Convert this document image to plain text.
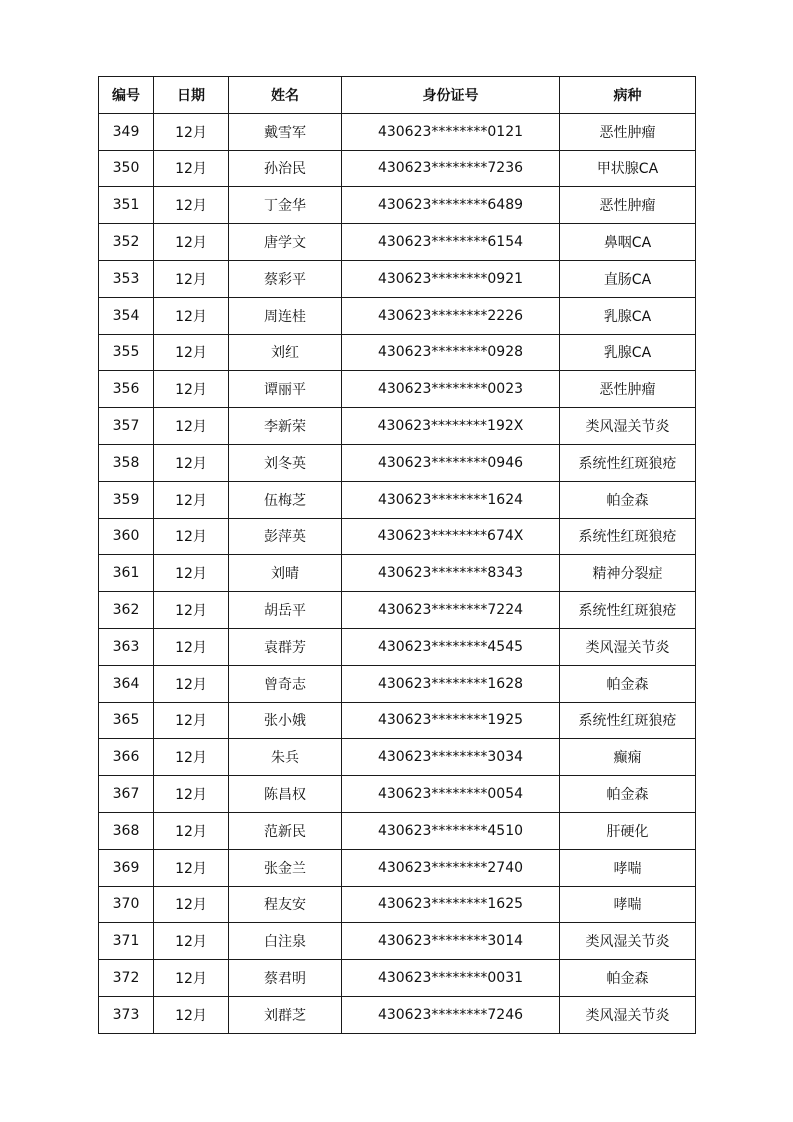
编号	日期	姓名	身份证号	病种
349	12月	戴雪军	430623********0121	恶性肿瘤
350	12月	孙治民	430623********7236	甲状腺CA
351	12月	丁金华	430623********6489	恶性肿瘤
352	12月	唐学文	430623********6154	鼻咽CA
353	12月	蔡彩平	430623********0921	直肠CA
354	12月	周连桂	430623********2226	乳腺CA
355	12月	刘红	430623********0928	乳腺CA
356	12月	谭丽平	430623********0023	恶性肿瘤
357	12月	李新荣	430623********192X	类风湿关节炎
358	12月	刘冬英	430623********0946	系统性红斑狼疮
359	12月	伍梅芝	430623********1624	帕金森
360	12月	彭萍英	430623********674X	系统性红斑狼疮
361	12月	刘晴	430623********8343	精神分裂症
362	12月	胡岳平	430623********7224	系统性红斑狼疮
363	12月	袁群芳	430623********4545	类风湿关节炎
364	12月	曾奇志	430623********1628	帕金森
365	12月	张小娥	430623********1925	系统性红斑狼疮
366	12月	朱兵	430623********3034	癫痫
367	12月	陈昌权	430623********0054	帕金森
368	12月	范新民	430623********4510	肝硬化
369	12月	张金兰	430623********2740	哮喘
370	12月	程友安	430623********1625	哮喘
371	12月	白注泉	430623********3014	类风湿关节炎
372	12月	蔡君明	430623********0031	帕金森
373	12月	刘群芝	430623********7246	类风湿关节炎
